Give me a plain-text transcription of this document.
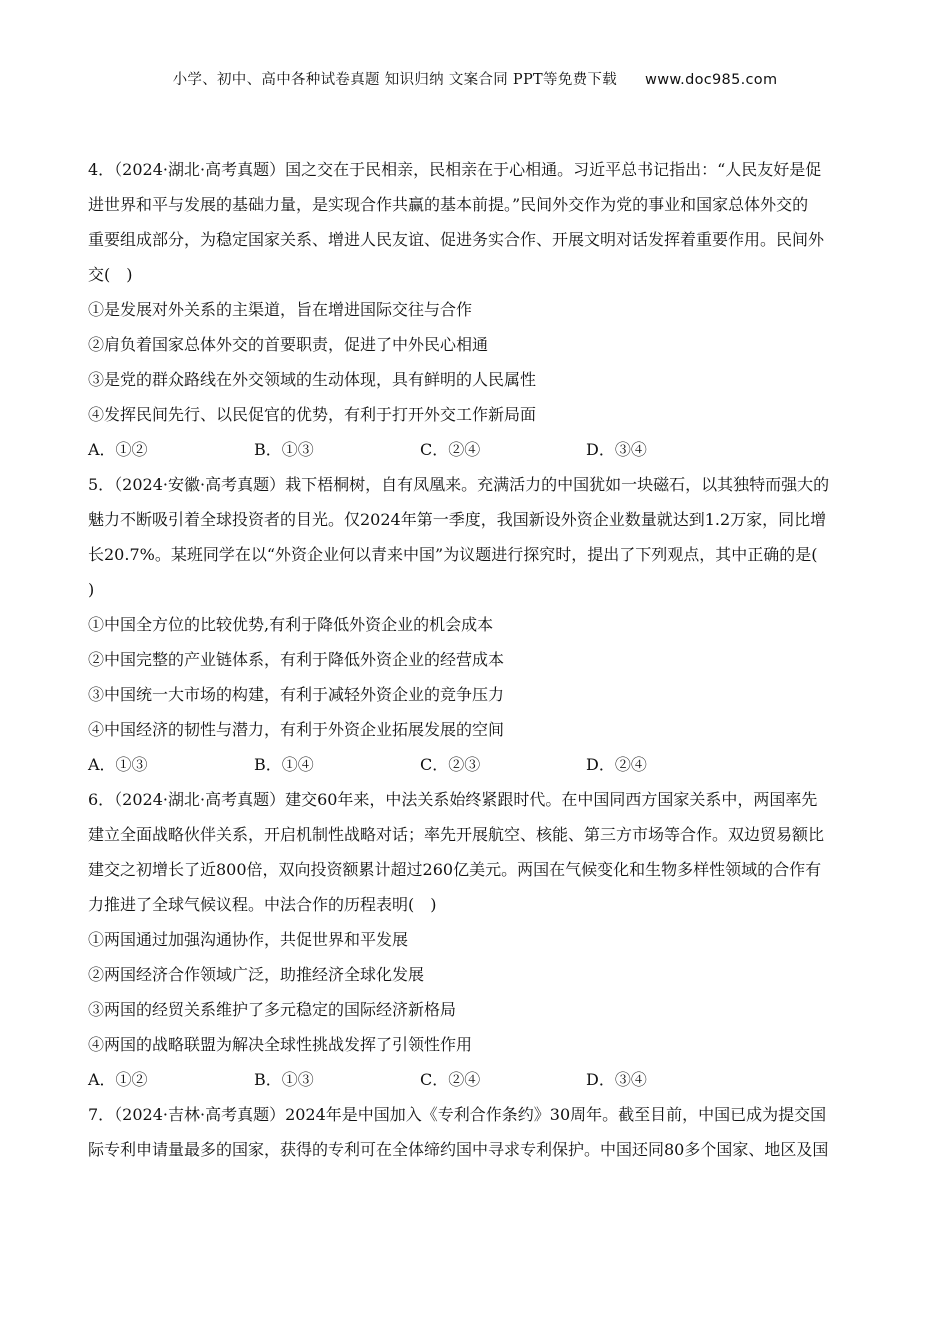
小学、初中、高中各种试卷真题 知识归纳 文案合同 PPT等免费下载 www.doc985.com
4．（2024·湖北·高考真题）国之交在于民相亲，民相亲在于心相通。习近平总书记指出：“人民友好是促
进世界和平与发展的基础力量，是实现合作共赢的基本前提。”民间外交作为党的事业和国家总体外交的
重要组成部分，为稳定国家关系、增进人民友谊、促进务实合作、开展文明对话发挥着重要作用。民间外
交(　)
①是发展对外关系的主渠道，旨在增进国际交往与合作
②肩负着国家总体外交的首要职责，促进了中外民心相通
③是党的群众路线在外交领域的生动体现，具有鲜明的人民属性
④发挥民间先行、以民促官的优势，有利于打开外交工作新局面
A．①②	B．①③	C．②④	D．③④
5．（2024·安徽·高考真题）栽下梧桐树，自有凤凰来。充满活力的中国犹如一块磁石，以其独特而强大的
魅力不断吸引着全球投资者的目光。仅2024年第一季度，我国新设外资企业数量就达到1.2万家，同比增
长20.7%。某班同学在以“外资企业何以青来中国”为议题进行探究时，提出了下列观点，其中正确的是(
)
①中国全方位的比较优势,有利于降低外资企业的机会成本
②中国完整的产业链体系，有利于降低外资企业的经营成本
③中国统一大市场的构建，有利于减轻外资企业的竞争压力
④中国经济的韧性与潜力，有利于外资企业拓展发展的空间
A．①③	B．①④	C．②③	D．②④
6．（2024·湖北·高考真题）建交60年来，中法关系始终紧跟时代。在中国同西方国家关系中，两国率先
建立全面战略伙伴关系，开启机制性战略对话；率先开展航空、核能、第三方市场等合作。双边贸易额比
建交之初增长了近800倍，双向投资额累计超过260亿美元。两国在气候变化和生物多样性领域的合作有
力推进了全球气候议程。中法合作的历程表明(　)
①两国通过加强沟通协作，共促世界和平发展
②两国经济合作领域广泛，助推经济全球化发展
③两国的经贸关系维护了多元稳定的国际经济新格局
④两国的战略联盟为解决全球性挑战发挥了引领性作用
A．①②	B．①③	C．②④	D．③④
7．（2024·吉林·高考真题）2024年是中国加入《专利合作条约》30周年。截至目前，中国已成为提交国
际专利申请量最多的国家，获得的专利可在全体缔约国中寻求专利保护。中国还同80多个国家、地区及国
